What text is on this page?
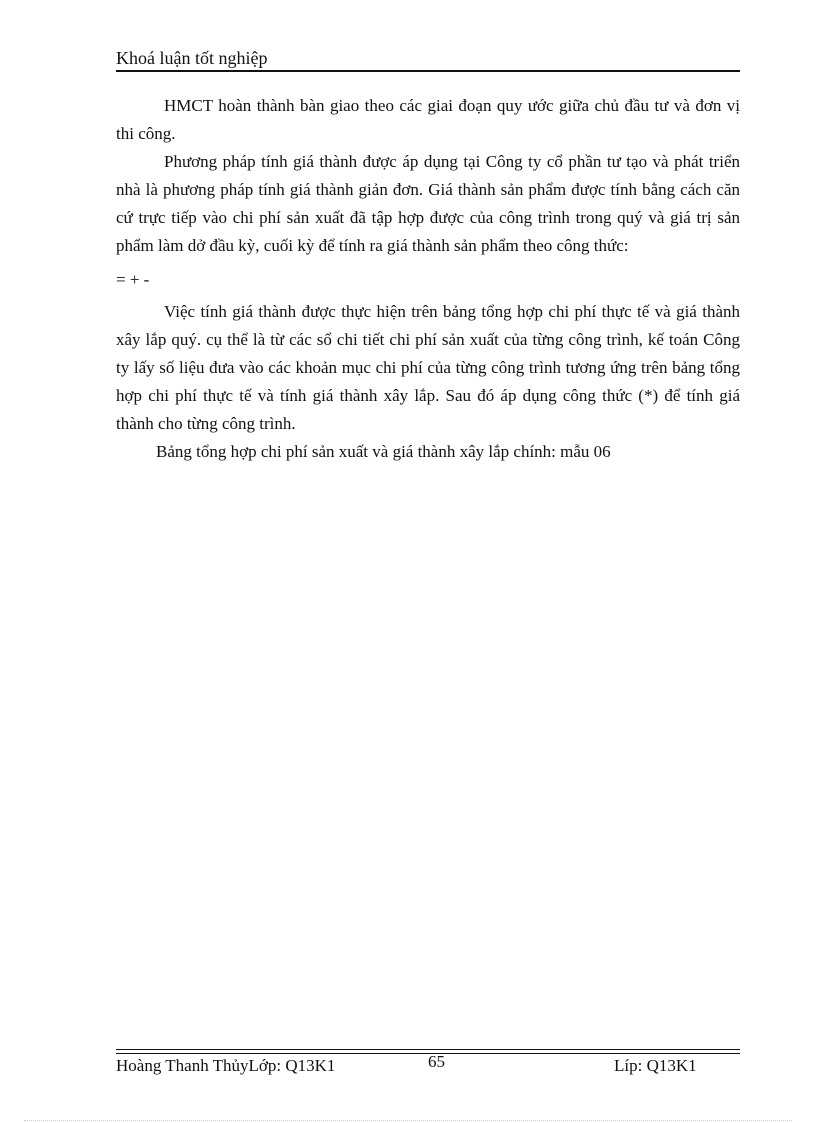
Khoá luận tốt nghiệp

HMCT hoàn thành bàn giao theo các giai đoạn quy ước giữa chủ đầu tư và đơn vị thi công.

Phương pháp tính giá thành được áp dụng tại Công ty cổ phần tư tạo và phát triển nhà là phương pháp tính giá thành giản đơn. Giá thành sản phẩm được tính bằng cách căn cứ trực tiếp vào chi phí sản xuất đã tập hợp được của công trình trong quý và giá trị sản phẩm làm dở đầu kỳ, cuối kỳ để tính ra giá thành sản phẩm theo công thức:

= + -

Việc tính giá thành được thực hiện trên bảng tổng hợp chi phí thực tế và giá thành xây lắp quý. cụ thể là từ các sổ chi tiết chi phí sản xuất của từng công trình, kế toán Công ty lấy số liệu đưa vào các khoản mục chi phí của từng công trình tương ứng trên bảng tổng hợp chi phí thực tế và tính giá thành xây lắp. Sau đó áp dụng công thức (*) để tính giá thành cho từng công trình.

Bảng tổng hợp chi phí sản xuất và giá thành xây lắp chính: mẫu 06

Hoàng Thanh ThủyLớp: Q13K1	65	Líp: Q13K1
